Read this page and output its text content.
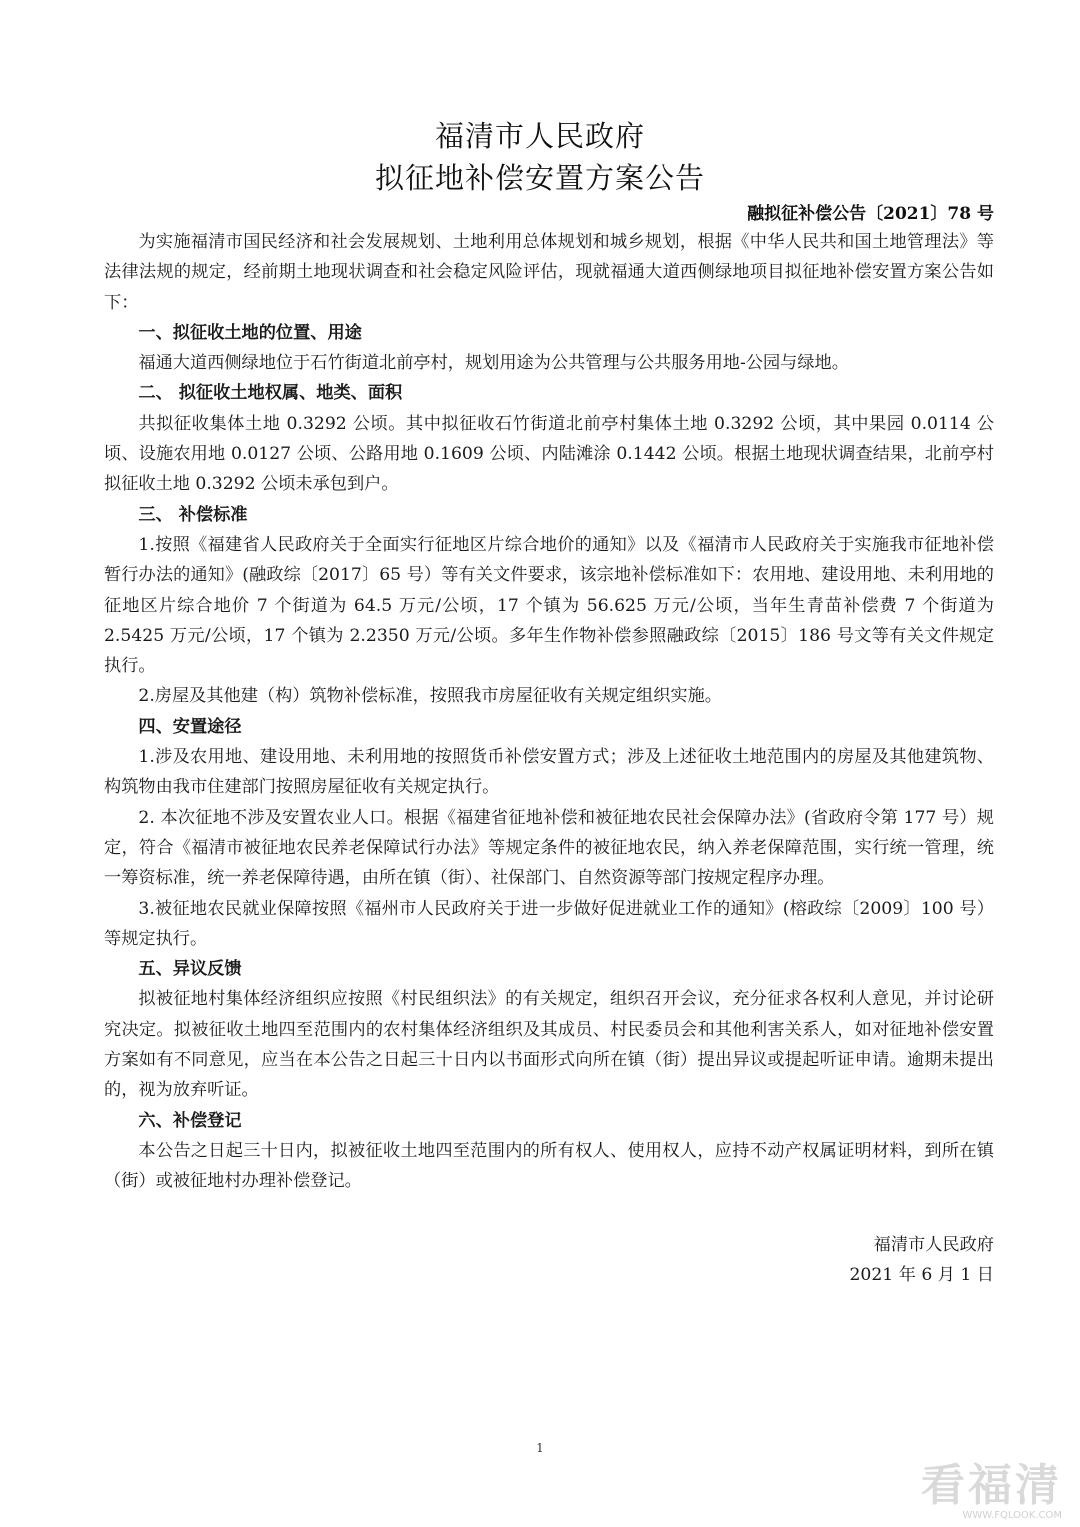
福清市人民政府
拟征地补偿安置方案公告
融拟征补偿公告〔2021〕78 号

为实施福清市国民经济和社会发展规划、土地利用总体规划和城乡规划，根据《中华人民共和国土地管理法》等法律法规的规定，经前期土地现状调查和社会稳定风险评估，现就福通大道西侧绿地项目拟征地补偿安置方案公告如下：

一、拟征收土地的位置、用途

福通大道西侧绿地位于石竹街道北前亭村，规划用途为公共管理与公共服务用地-公园与绿地。

二、 拟征收土地权属、地类、面积

共拟征收集体土地 0.3292 公顷。其中拟征收石竹街道北前亭村集体土地 0.3292 公顷，其中果园 0.0114 公顷、设施农用地 0.0127 公顷、公路用地 0.1609 公顷、内陆滩涂 0.1442 公顷。根据土地现状调查结果，北前亭村拟征收土地 0.3292 公顷未承包到户。

三、 补偿标准

1.按照《福建省人民政府关于全面实行征地区片综合地价的通知》以及《福清市人民政府关于实施我市征地补偿暂行办法的通知》(融政综〔2017〕65 号）等有关文件要求，该宗地补偿标准如下：农用地、建设用地、未利用地的征地区片综合地价 7 个街道为 64.5 万元/公顷，17 个镇为 56.625 万元/公顷，当年生青苗补偿费 7 个街道为 2.5425 万元/公顷，17 个镇为 2.2350 万元/公顷。多年生作物补偿参照融政综〔2015〕186 号文等有关文件规定执行。

2.房屋及其他建（构）筑物补偿标准，按照我市房屋征收有关规定组织实施。

四、安置途径

1.涉及农用地、建设用地、未利用地的按照货币补偿安置方式；涉及上述征收土地范围内的房屋及其他建筑物、构筑物由我市住建部门按照房屋征收有关规定执行。

2. 本次征地不涉及安置农业人口。根据《福建省征地补偿和被征地农民社会保障办法》(省政府令第 177 号）规定，符合《福清市被征地农民养老保障试行办法》等规定条件的被征地农民，纳入养老保障范围，实行统一管理，统一筹资标准，统一养老保障待遇，由所在镇（街）、社保部门、自然资源等部门按规定程序办理。

3.被征地农民就业保障按照《福州市人民政府关于进一步做好促进就业工作的通知》(榕政综〔2009〕100 号）等规定执行。

五、异议反馈

拟被征地村集体经济组织应按照《村民组织法》的有关规定，组织召开会议，充分征求各权利人意见，并讨论研究决定。拟被征收土地四至范围内的农村集体经济组织及其成员、村民委员会和其他利害关系人，如对征地补偿安置方案如有不同意见，应当在本公告之日起三十日内以书面形式向所在镇（街）提出异议或提起听证申请。逾期未提出的，视为放弃听证。

六、补偿登记

本公告之日起三十日内，拟被征收土地四至范围内的所有权人、使用权人，应持不动产权属证明材料，到所在镇（街）或被征地村办理补偿登记。

福清市人民政府
2021 年 6 月 1 日
1
看福清
WWW.FQLOOK.COM
